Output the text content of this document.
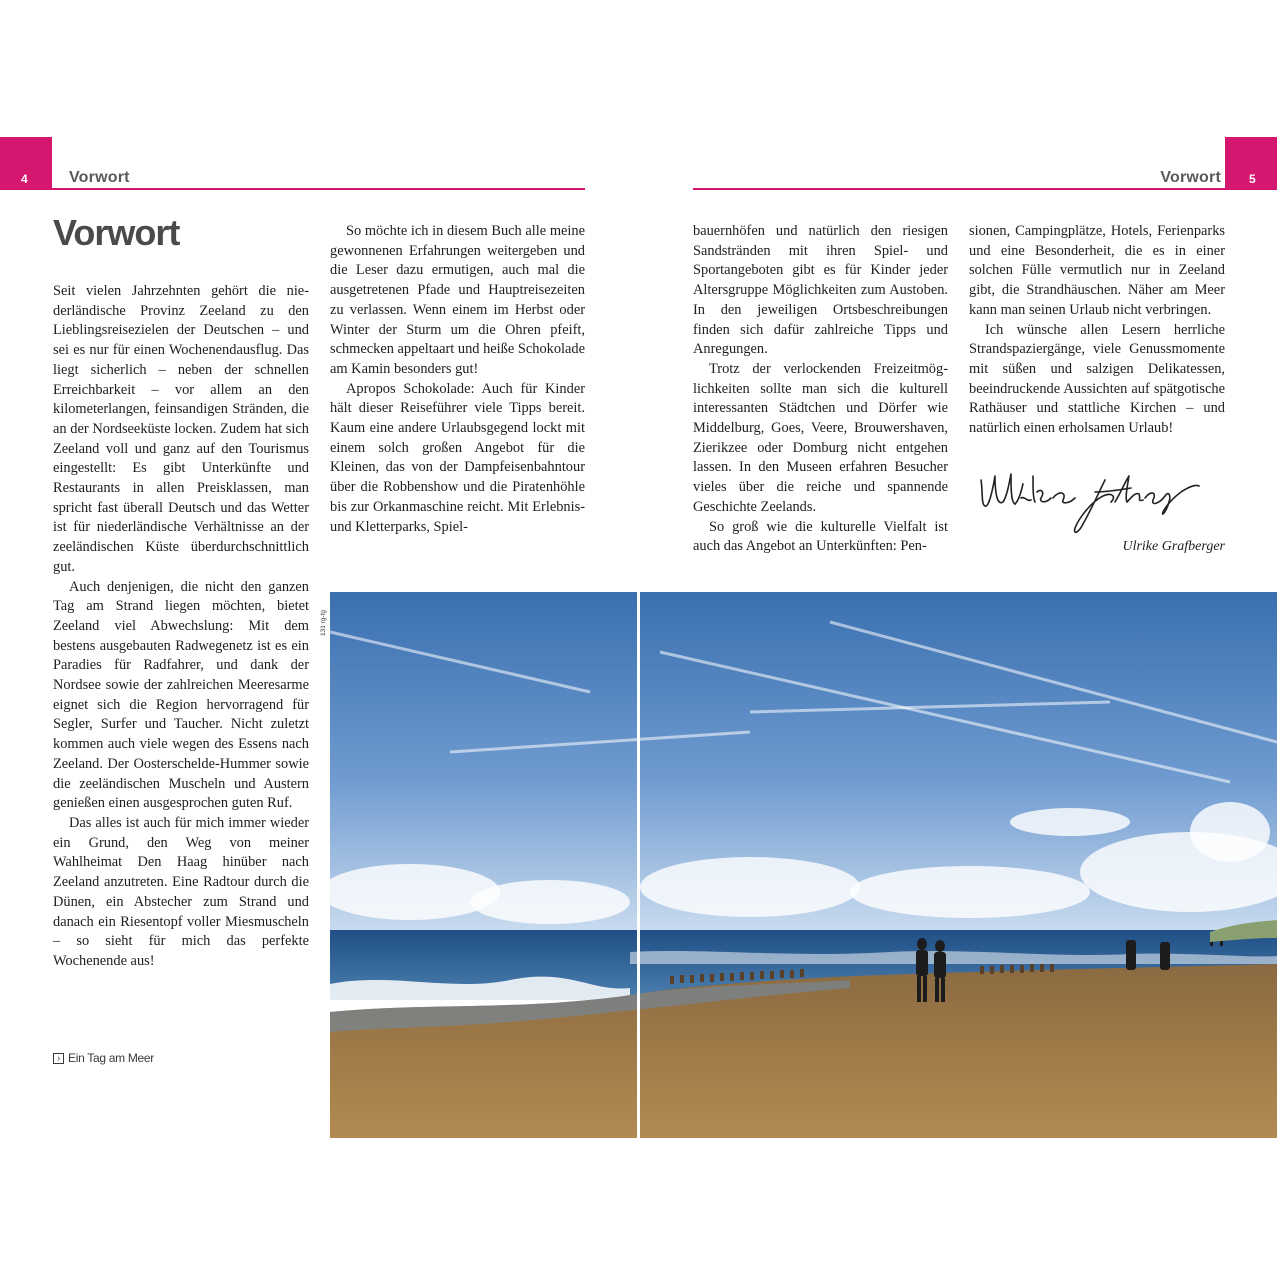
4	Vorwort	5
Vorwort
Vorwort

Seit vielen Jahrzehnten gehört die niederländische Provinz Zeeland zu den Lieblingsreisezielen der Deutschen – und sei es nur für einen Wochenendausflug. Das liegt sicherlich – neben der schnellen Erreichbarkeit – vor allem an den kilometerlangen, feinsandigen Stränden, die an der Nordseeküste locken. Zudem hat sich Zeeland voll und ganz auf den Tourismus eingestellt: Es gibt Unterkünfte und Restaurants in allen Preisklassen, man spricht fast überall Deutsch und das Wetter ist für niederländische Verhältnisse an der zeeländischen Küste überdurchschnittlich gut.

Auch denjenigen, die nicht den ganzen Tag am Strand liegen möchten, bietet Zeeland viel Abwechslung: Mit dem bestens ausgebauten Radwegenetz ist es ein Paradies für Radfahrer, und dank der Nordsee sowie der zahlreichen Meeresarme eignet sich die Region hervorragend für Segler, Surfer und Taucher. Nicht zuletzt kommen auch viele wegen des Essens nach Zeeland. Der Oosterschelde-Hummer sowie die zeeländischen Muscheln und Austern genießen einen ausgesprochen guten Ruf.

Das alles ist auch für mich immer wieder ein Grund, den Weg von meiner Wahlheimat Den Haag hinüber nach Zeeland anzutreten. Eine Radtour durch die Dünen, ein Abstecher zum Strand und danach ein Riesentopf voller Miesmuscheln – so sieht für mich das perfekte Wochenende aus!

So möchte ich in diesem Buch alle meine gewonnenen Erfahrungen weitergeben und die Leser dazu ermutigen, auch mal die ausgetretenen Pfade und Hauptreisezeiten zu verlassen. Wenn einem im Herbst oder Winter der Sturm um die Ohren pfeift, schmecken appeltaart und heiße Schokolade am Kamin besonders gut!

Apropos Schokolade: Auch für Kinder hält dieser Reiseführer viele Tipps bereit. Kaum eine andere Urlaubsgegend lockt mit einem solch großen Angebot für die Kleinen, das von der Dampfeisenbahntour über die Robbenshow und die Piratenhöhle bis zur Orkanmaschine reicht. Mit Erlebnis- und Kletterparks, Spiel-

› Ein Tag am Meer

bauernhöfen und natürlich den riesigen Sandstränden mit ihren Spiel- und Sportangeboten gibt es für Kinder jeder Altersgruppe Möglichkeiten zum Austoben. In den jeweiligen Ortsbeschreibungen finden sich dafür zahlreiche Tipps und Anregungen.

Trotz der verlockenden Freizeitmöglichkeiten sollte man sich die kulturell interessanten Städtchen und Dörfer wie Middelburg, Goes, Veere, Brouwershaven, Zierikzee oder Domburg nicht entgehen lassen. In den Museen erfahren Besucher vieles über die reiche und spannende Geschichte Zeelands.

So groß wie die kulturelle Vielfalt ist auch das Angebot an Unterkünften: Pen-

sionen, Campingplätze, Hotels, Ferienparks und eine Besonderheit, die es in einer solchen Fülle vermutlich nur in Zeeland gibt, die Strandhäuschen. Näher am Meer kann man seinen Urlaub nicht verbringen.

Ich wünsche allen Lesern herrliche Strandspaziergänge, viele Genussmomente mit süßen und salzigen Delikatessen, beeindruckende Aussichten auf spätgotische Rathäuser und stattliche Kirchen – und natürlich einen erholsamen Urlaub!

Ulrike Grafberger
131 rg-fg
